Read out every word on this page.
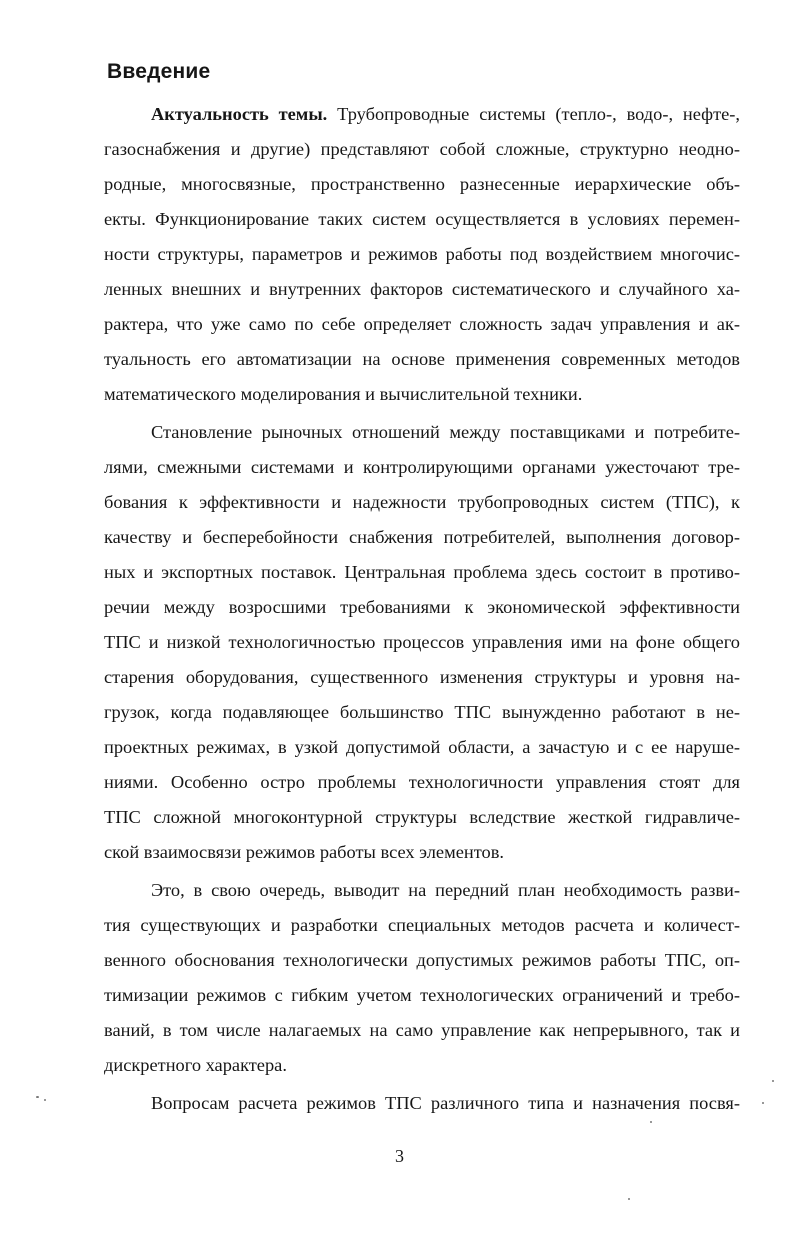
Введение

Актуальность темы. Трубопроводные системы (тепло-, водо-, нефте-,

газоснабжения и другие) представляют собой сложные, структурно неодно-

родные, многосвязные, пространственно разнесенные иерархические объ-

екты. Функционирование таких систем осуществляется в условиях перемен-

ности структуры, параметров и режимов работы под воздействием многочис-

ленных внешних и внутренних факторов систематического и случайного ха-

рактера, что уже само по себе определяет сложность задач управления и ак-

туальность его автоматизации на основе применения современных методов

математического моделирования и вычислительной техники.

Становление рыночных отношений между поставщиками и потребите-

лями, смежными системами и контролирующими органами ужесточают тре-

бования к эффективности и надежности трубопроводных систем (ТПС), к

качеству и бесперебойности снабжения потребителей, выполнения договор-

ных и экспортных поставок. Центральная проблема здесь состоит в противо-

речии между возросшими требованиями к экономической эффективности

ТПС и низкой технологичностью процессов управления ими на фоне общего

старения оборудования, существенного изменения структуры и уровня на-

грузок, когда подавляющее большинство ТПС вынужденно работают в не-

проектных режимах, в узкой допустимой области, а зачастую и с ее наруше-

ниями. Особенно остро проблемы технологичности управления стоят для

ТПС сложной многоконтурной структуры вследствие жесткой гидравличе-

ской взаимосвязи режимов работы всех элементов.

Это, в свою очередь, выводит на передний план необходимость разви-

тия существующих и разработки специальных методов расчета и количест-

венного обоснования технологически допустимых режимов работы ТПС, оп-

тимизации режимов с гибким учетом технологических ограничений и требо-

ваний, в том числе налагаемых на само управление как непрерывного, так и

дискретного характера.

Вопросам расчета режимов ТПС различного типа и назначения посвя-

3
